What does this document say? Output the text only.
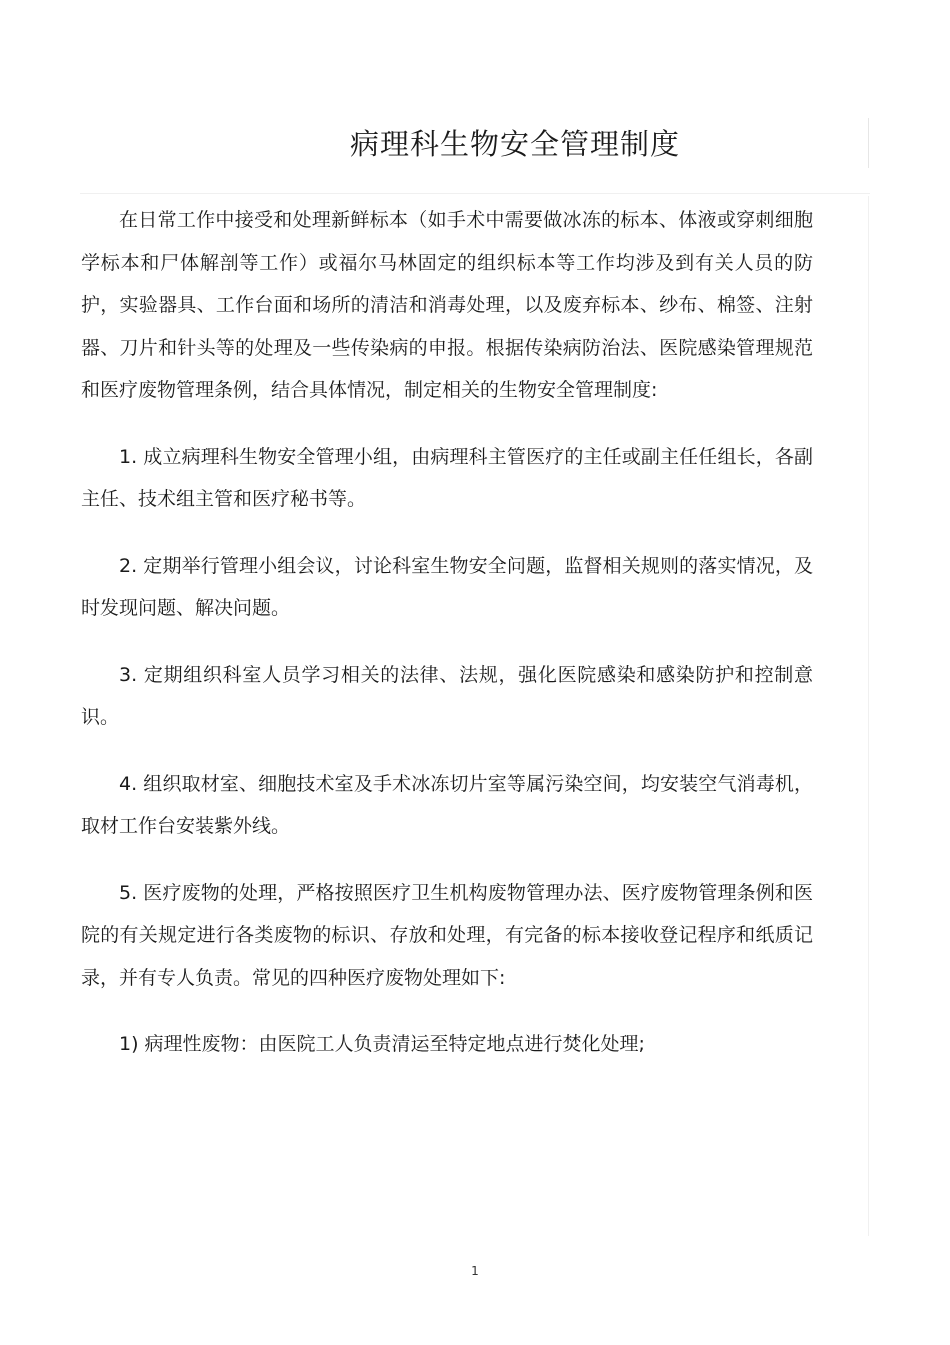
病理科生物安全管理制度

在日常工作中接受和处理新鲜标本（如手术中需要做冰冻的标本、体液或穿刺细胞学标本和尸体解剖等工作）或福尔马林固定的组织标本等工作均涉及到有关人员的防护，实验器具、工作台面和场所的清洁和消毒处理，以及废弃标本、纱布、棉签、注射器、刀片和针头等的处理及一些传染病的申报。根据传染病防治法、医院感染管理规范和医疗废物管理条例，结合具体情况，制定相关的生物安全管理制度:

1. 成立病理科生物安全管理小组，由病理科主管医疗的主任或副主任任组长，各副主任、技术组主管和医疗秘书等。

2. 定期举行管理小组会议，讨论科室生物安全问题，监督相关规则的落实情况，及时发现问题、解决问题。

3. 定期组织科室人员学习相关的法律、法规，强化医院感染和感染防护和控制意识。

4. 组织取材室、细胞技术室及手术冰冻切片室等属污染空间，均安装空气消毒机，取材工作台安装紫外线。

5. 医疗废物的处理，严格按照医疗卫生机构废物管理办法、医疗废物管理条例和医院的有关规定进行各类废物的标识、存放和处理，有完备的标本接收登记程序和纸质记录，并有专人负责。常见的四种医疗废物处理如下:

1) 病理性废物：由医院工人负责清运至特定地点进行焚化处理;

1
